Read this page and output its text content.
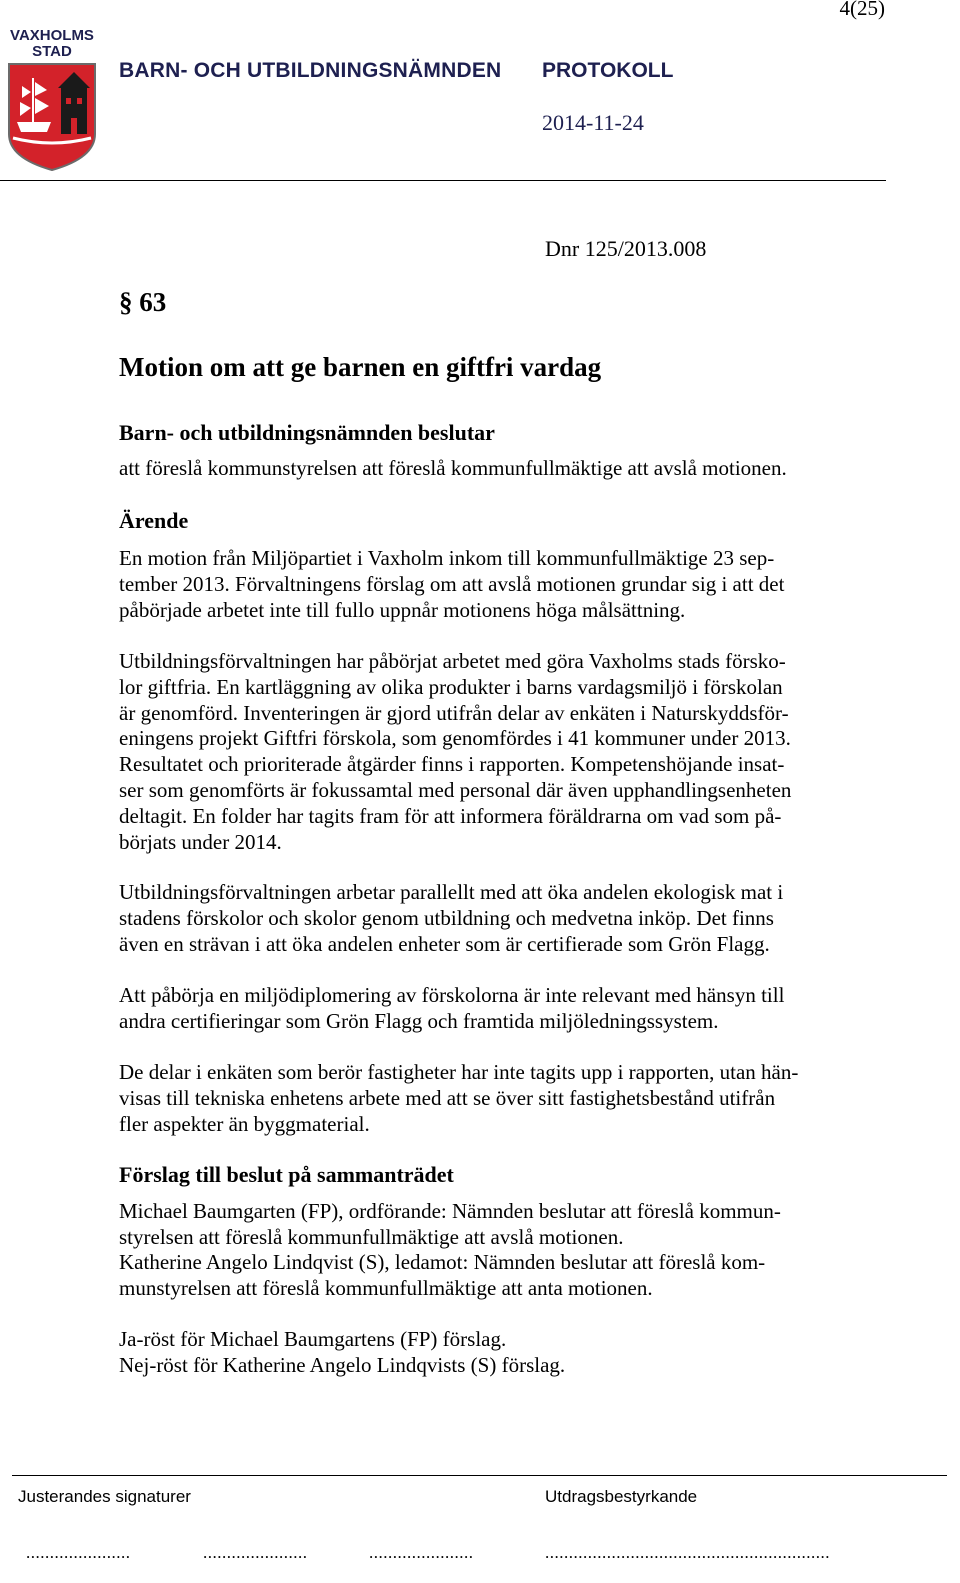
4(25)
VAXHOLMS
STAD
BARN- OCH UTBILDNINGSNÄMNDEN PROTOKOLL
2014-11-24
Dnr 125/2013.008
§ 63
Motion om att ge barnen en giftfri vardag
Barn- och utbildningsnämnden beslutar
att föreslå kommunstyrelsen att föreslå kommunfullmäktige att avslå motionen.
Ärende

En motion från Miljöpartiet i Vaxholm inkom till kommunfullmäktige 23 sep-

tember 2013. Förvaltningens förslag om att avslå motionen grundar sig i att det

påbörjade arbetet inte till fullo uppnår motionens höga målsättning.

Utbildningsförvaltningen har påbörjat arbetet med göra Vaxholms stads försko-

lor giftfria. En kartläggning av olika produkter i barns vardagsmiljö i förskolan

är genomförd. Inventeringen är gjord utifrån delar av enkäten i Naturskyddsför-

eningens projekt Giftfri förskola, som genomfördes i 41 kommuner under 2013.

Resultatet och prioriterade åtgärder finns i rapporten. Kompetenshöjande insat-

ser som genomförts är fokussamtal med personal där även upphandlingsenheten

deltagit. En folder har tagits fram för att informera föräldrarna om vad som på-

börjats under 2014.

Utbildningsförvaltningen arbetar parallellt med att öka andelen ekologisk mat i

stadens förskolor och skolor genom utbildning och medvetna inköp. Det finns

även en strävan i att öka andelen enheter som är certifierade som Grön Flagg.

Att påbörja en miljödiplomering av förskolorna är inte relevant med hänsyn till

andra certifieringar som Grön Flagg och framtida miljöledningssystem.

De delar i enkäten som berör fastigheter har inte tagits upp i rapporten, utan hän-

visas till tekniska enhetens arbete med att se över sitt fastighetsbestånd utifrån

fler aspekter än byggmaterial.

Förslag till beslut på sammanträdet

Michael Baumgarten (FP), ordförande: Nämnden beslutar att föreslå kommun-

styrelsen att föreslå kommunfullmäktige att avslå motionen.

Katherine Angelo Lindqvist (S), ledamot: Nämnden beslutar att föreslå kom-

munstyrelsen att föreslå kommunfullmäktige att anta motionen.

Ja-röst för Michael Baumgartens (FP) förslag.
Nej-röst för Katherine Angelo Lindqvists (S) förslag.
Justerandes signaturer	Utdragsbestyrkande
......................	......................	......................	............................................................
